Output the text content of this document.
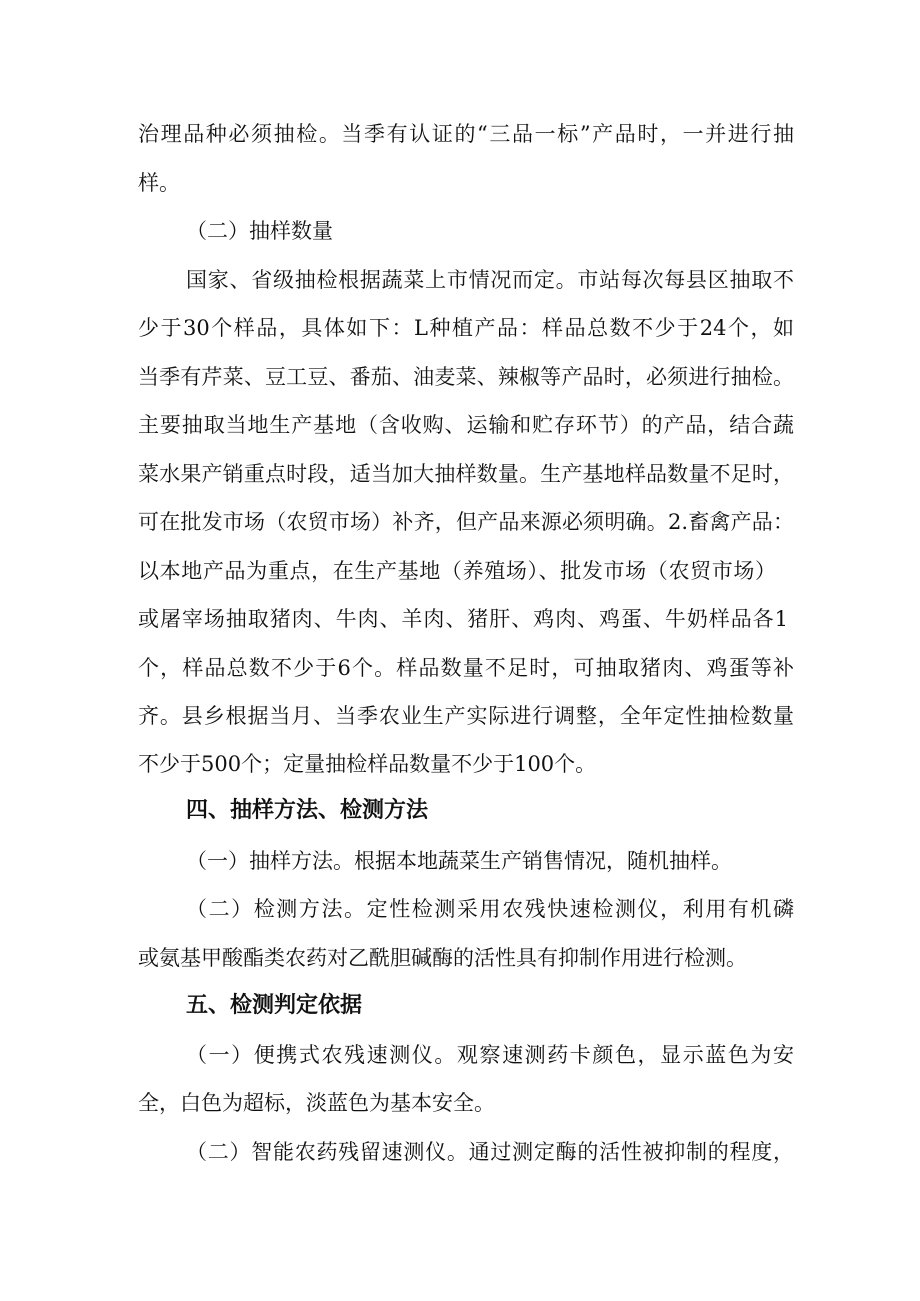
治理品种必须抽检。当季有认证的“三品一标”产品时，一并进行抽
样。
（二）抽样数量
国家、省级抽检根据蔬菜上市情况而定。市站每次每县区抽取不
少于30个样品，具体如下：L种植产品：样品总数不少于24个，如
当季有芹菜、豆工豆、番茄、油麦菜、辣椒等产品时，必须进行抽检。
主要抽取当地生产基地（含收购、运输和贮存环节）的产品，结合蔬
菜水果产销重点时段，适当加大抽样数量。生产基地样品数量不足时，
可在批发市场（农贸市场）补齐，但产品来源必须明确。2.畜禽产品：
以本地产品为重点，在生产基地（养殖场）、批发市场（农贸市场）
或屠宰场抽取猪肉、牛肉、羊肉、猪肝、鸡肉、鸡蛋、牛奶样品各1
个，样品总数不少于6个。样品数量不足时，可抽取猪肉、鸡蛋等补
齐。县乡根据当月、当季农业生产实际进行调整，全年定性抽检数量
不少于500个；定量抽检样品数量不少于100个。
四、抽样方法、检测方法
（一）抽样方法。根据本地蔬菜生产销售情况，随机抽样。
（二）检测方法。定性检测采用农残快速检测仪，利用有机磷
或氨基甲酸酯类农药对乙酰胆碱酶的活性具有抑制作用进行检测。
五、检测判定依据
（一）便携式农残速测仪。观察速测药卡颜色，显示蓝色为安
全，白色为超标，淡蓝色为基本安全。
（二）智能农药残留速测仪。通过测定酶的活性被抑制的程度，
